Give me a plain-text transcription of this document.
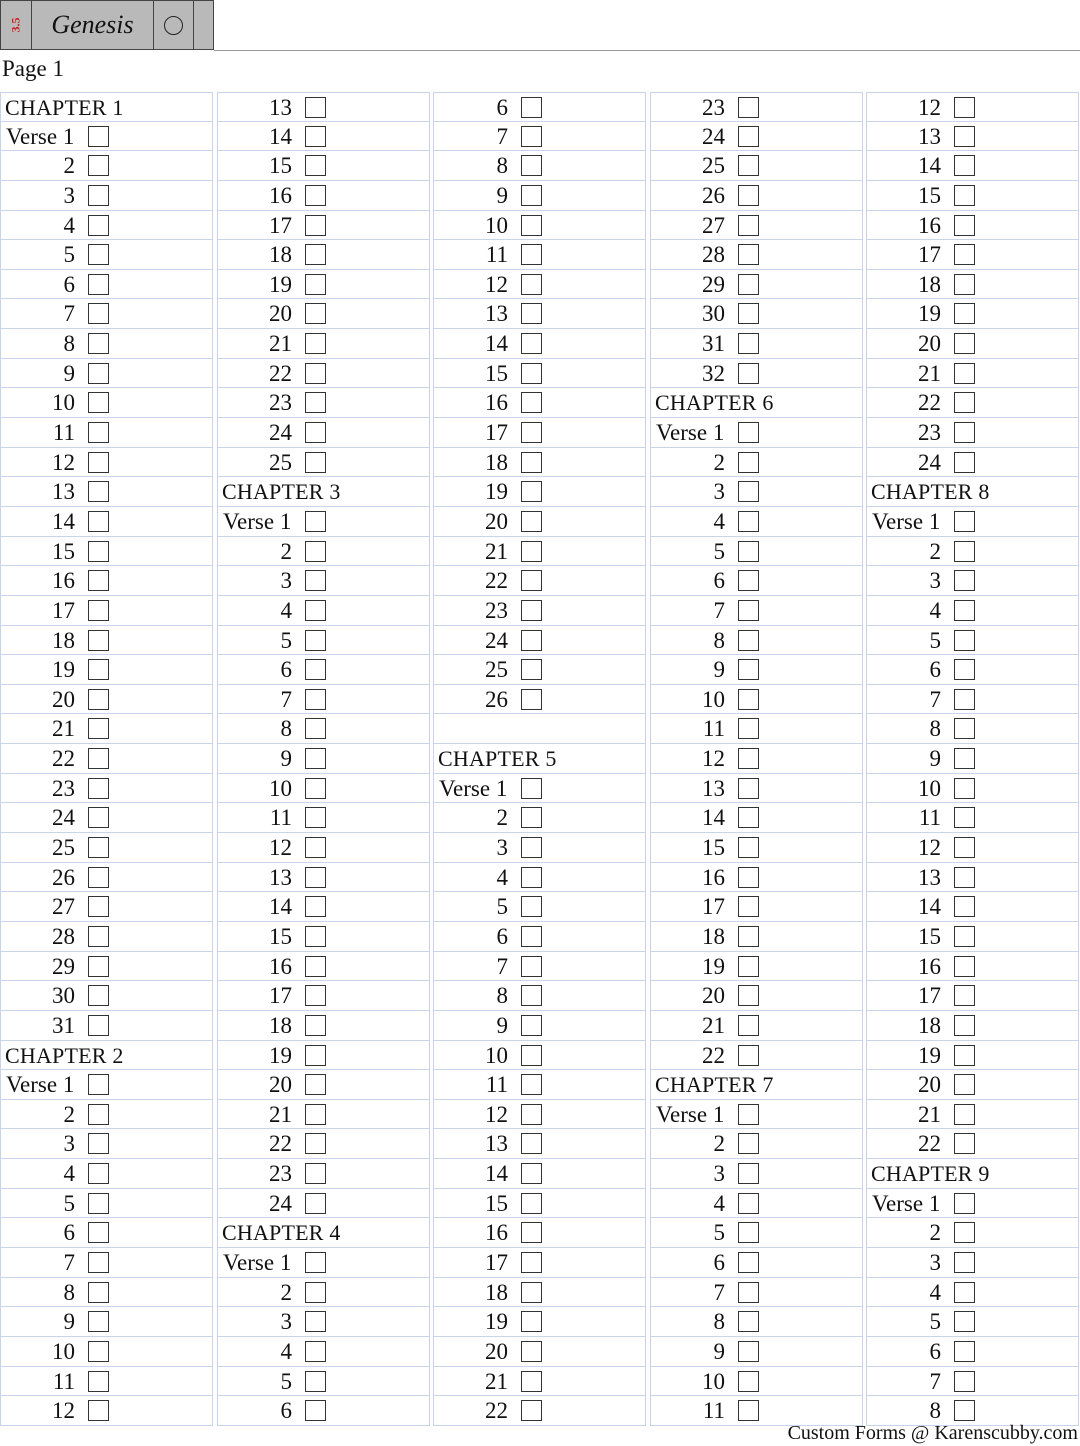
3.5	Genesis
Page 1
CHAPTER 1
Verse 1
2
3
4
5
6
7
8
9
10
11
12
13
14
15
16
17
18
19
20
21
22
23
24
25
26
27
28
29
30
31
CHAPTER 2
Verse 1
2
3
4
5
6
7
8
9
10
11
12
13
14
15
16
17
18
19
20
21
22
23
24
25
CHAPTER 3
Verse 1
2
3
4
5
6
7
8
9
10
11
12
13
14
15
16
17
18
19
20
21
22
23
24
CHAPTER 4
Verse 1
2
3
4
5
6
6
7
8
9
10
11
12
13
14
15
16
17
18
19
20
21
22
23
24
25
26
CHAPTER 5
Verse 1
2
3
4
5
6
7
8
9
10
11
12
13
14
15
16
17
18
19
20
21
22
23
24
25
26
27
28
29
30
31
32
CHAPTER 6
Verse 1
2
3
4
5
6
7
8
9
10
11
12
13
14
15
16
17
18
19
20
21
22
CHAPTER 7
Verse 1
2
3
4
5
6
7
8
9
10
11
12
13
14
15
16
17
18
19
20
21
22
23
24
CHAPTER 8
Verse 1
2
3
4
5
6
7
8
9
10
11
12
13
14
15
16
17
18
19
20
21
22
CHAPTER 9
Verse 1
2
3
4
5
6
7
8
Custom Forms @ Karenscubby.com
